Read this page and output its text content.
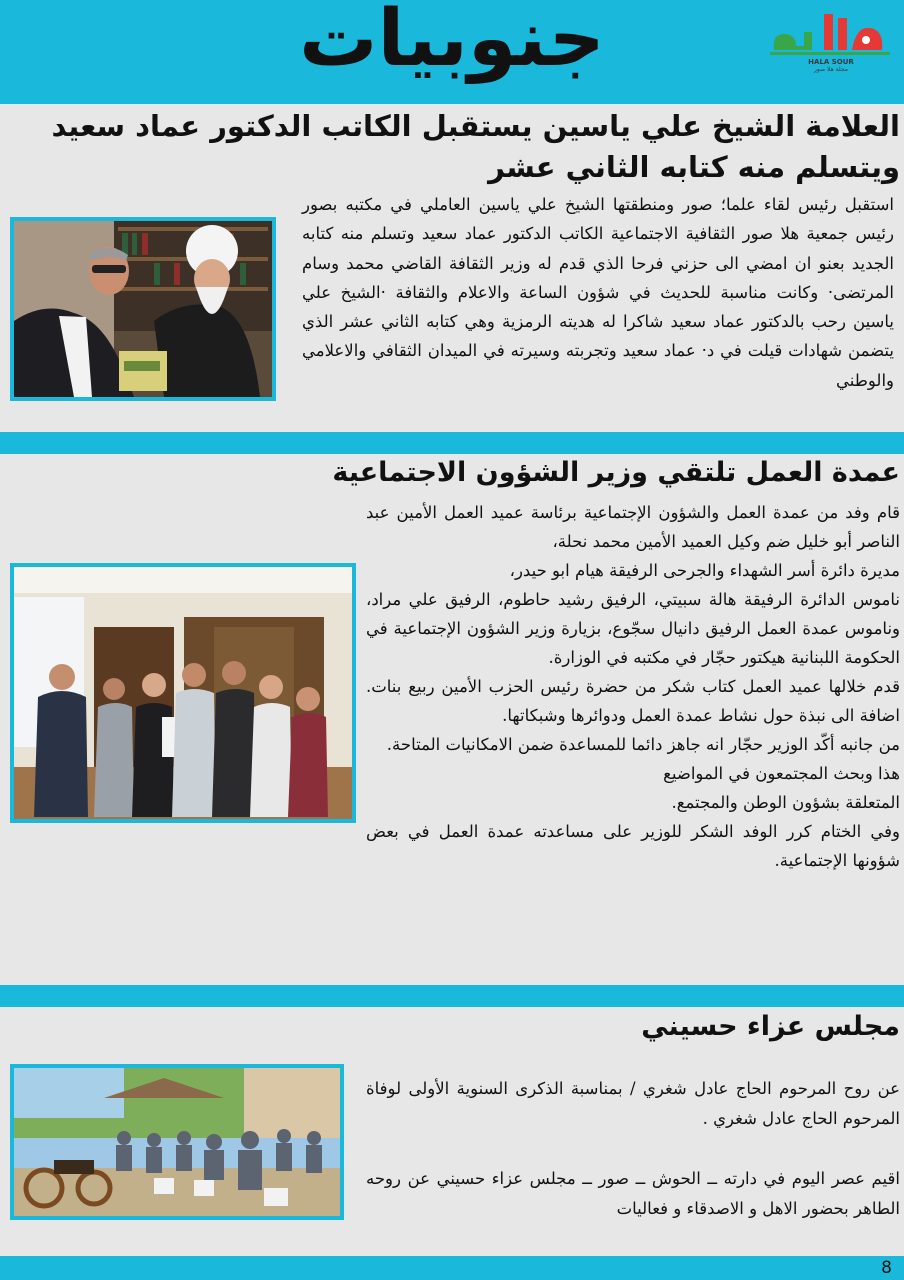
جنوبيات	HALA SOUR
مجلة هلا صور
العلامة الشيخ علي ياسين يستقبل الكاتب الدكتور عماد سعيد ويتسلم منه كتابه الثاني عشر

استقبل رئيس لقاء علما؛ صور ومنطقتها الشيخ علي ياسين العاملي في مكتبه بصور رئيس جمعية هلا صور الثقافية الاجتماعية الكاتب الدكتور عماد سعيد وتسلم منه كتابه الجديد بعنو ان امضي الى حزني فرحا الذي قدم له وزير الثقافة القاضي محمد وسام المرتضى· وكانت مناسبة للحديث في شؤون الساعة والاعلام والثقافة ·الشيخ علي ياسين رحب بالدكتور عماد سعيد شاكرا له هديته الرمزية وهي كتابه الثاني عشر الذي يتضمن شهادات قيلت في د· عماد سعيد وتجربته وسيرته في الميدان الثقافي والاعلامي والوطني

عمدة العمل تلتقي وزير الشؤون الاجتماعية

قام وفد من عمدة العمل والشؤون الإجتماعية برئاسة عميد العمل الأمين عبد الناصر أبو خليل ضم وكيل العميد الأمين محمد نحلة،

مديرة دائرة أسر الشهداء والجرحى الرفيقة هيام ابو حيدر،

ناموس الدائرة الرفيقة هالة سبيتي، الرفيق رشيد حاطوم، الرفيق علي مراد، وناموس عمدة العمل الرفيق دانيال سجّوع، بزيارة وزير الشؤون الإجتماعية في الحكومة اللبنانية هيكتور حجّار في مكتبه في الوزارة.

قدم خلالها عميد العمل كتاب شكر من حضرة رئيس الحزب الأمين ربيع بنات. اضافة الى نبذة حول نشاط عمدة العمل ودوائرها وشبكاتها.

من جانبه أكّد الوزير حجّار انه جاهز دائما للمساعدة ضمن الامكانيات المتاحة.

هذا وبحث المجتمعون في المواضيع

المتعلقة بشؤون الوطن والمجتمع.

وفي الختام كرر الوفد الشكر للوزير على مساعدته عمدة العمل في بعض شؤونها الإجتماعية.

مجلس عزاء حسيني

عن روح المرحوم الحاج عادل شغري / بمناسبة الذكرى السنوية الأولى لوفاة المرحوم الحاج عادل شغري .

اقيم عصر اليوم في دارته ــ الحوش ــ صور ــ مجلس عزاء حسيني عن روحه الطاهر بحضور الاهل و الاصدقاء و فعاليات

8
